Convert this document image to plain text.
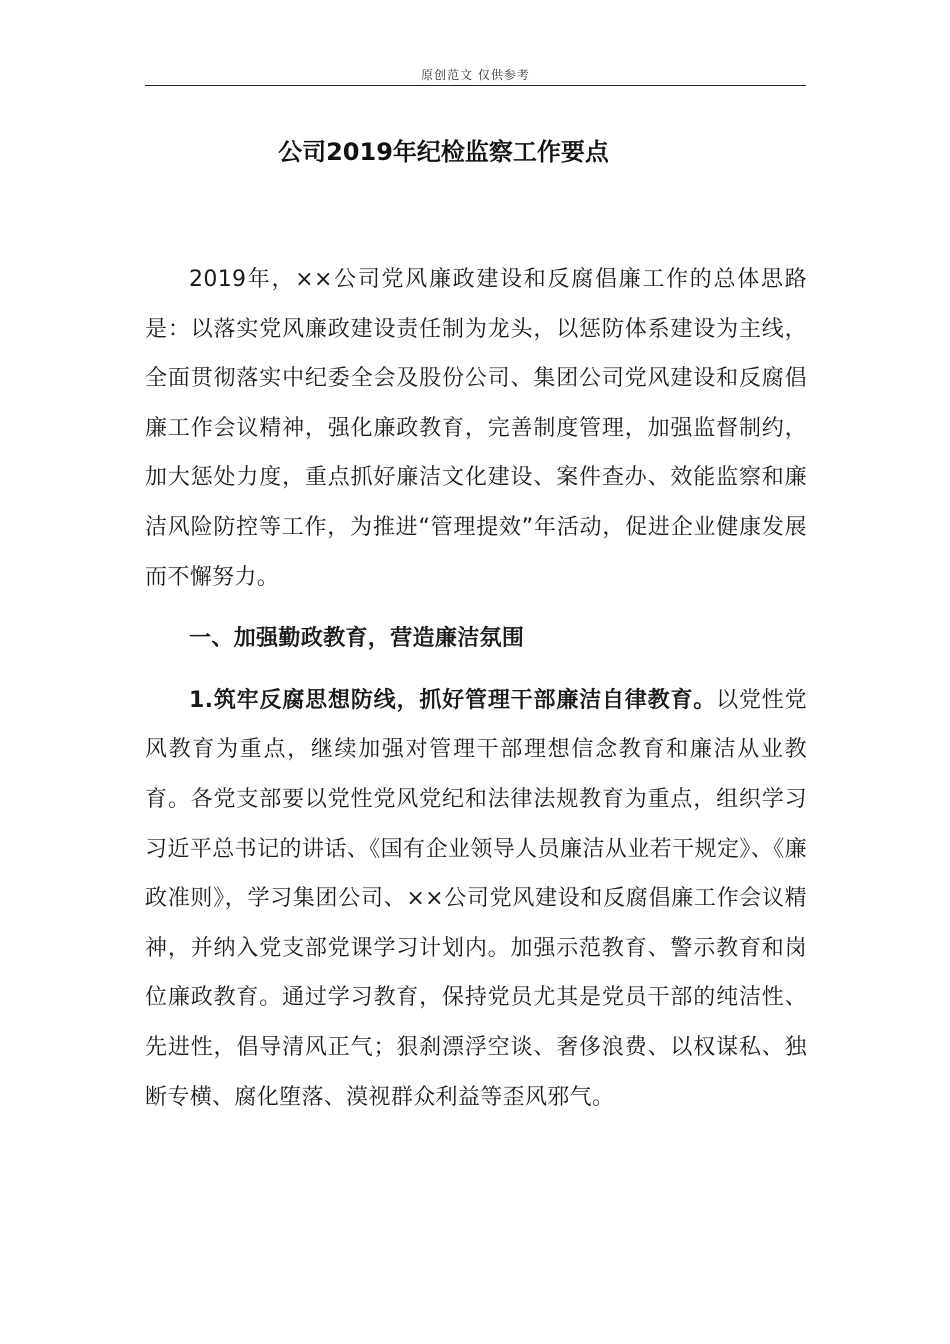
原创范文 仅供参考
公司2019年纪检监察工作要点

2019年，××公司党风廉政建设和反腐倡廉工作的总体思路是：以落实党风廉政建设责任制为龙头，以惩防体系建设为主线，全面贯彻落实中纪委全会及股份公司、集团公司党风建设和反腐倡廉工作会议精神，强化廉政教育，完善制度管理，加强监督制约，加大惩处力度，重点抓好廉洁文化建设、案件查办、效能监察和廉洁风险防控等工作，为推进“管理提效”年活动，促进企业健康发展而不懈努力。

一、加强勤政教育，营造廉洁氛围

1.筑牢反腐思想防线，抓好管理干部廉洁自律教育。以党性党风教育为重点，继续加强对管理干部理想信念教育和廉洁从业教育。各党支部要以党性党风党纪和法律法规教育为重点，组织学习习近平总书记的讲话、《国有企业领导人员廉洁从业若干规定》、《廉政准则》，学习集团公司、××公司党风建设和反腐倡廉工作会议精神，并纳入党支部党课学习计划内。加强示范教育、警示教育和岗位廉政教育。通过学习教育，保持党员尤其是党员干部的纯洁性、先进性，倡导清风正气；狠刹漂浮空谈、奢侈浪费、以权谋私、独断专横、腐化堕落、漠视群众利益等歪风邪气。
